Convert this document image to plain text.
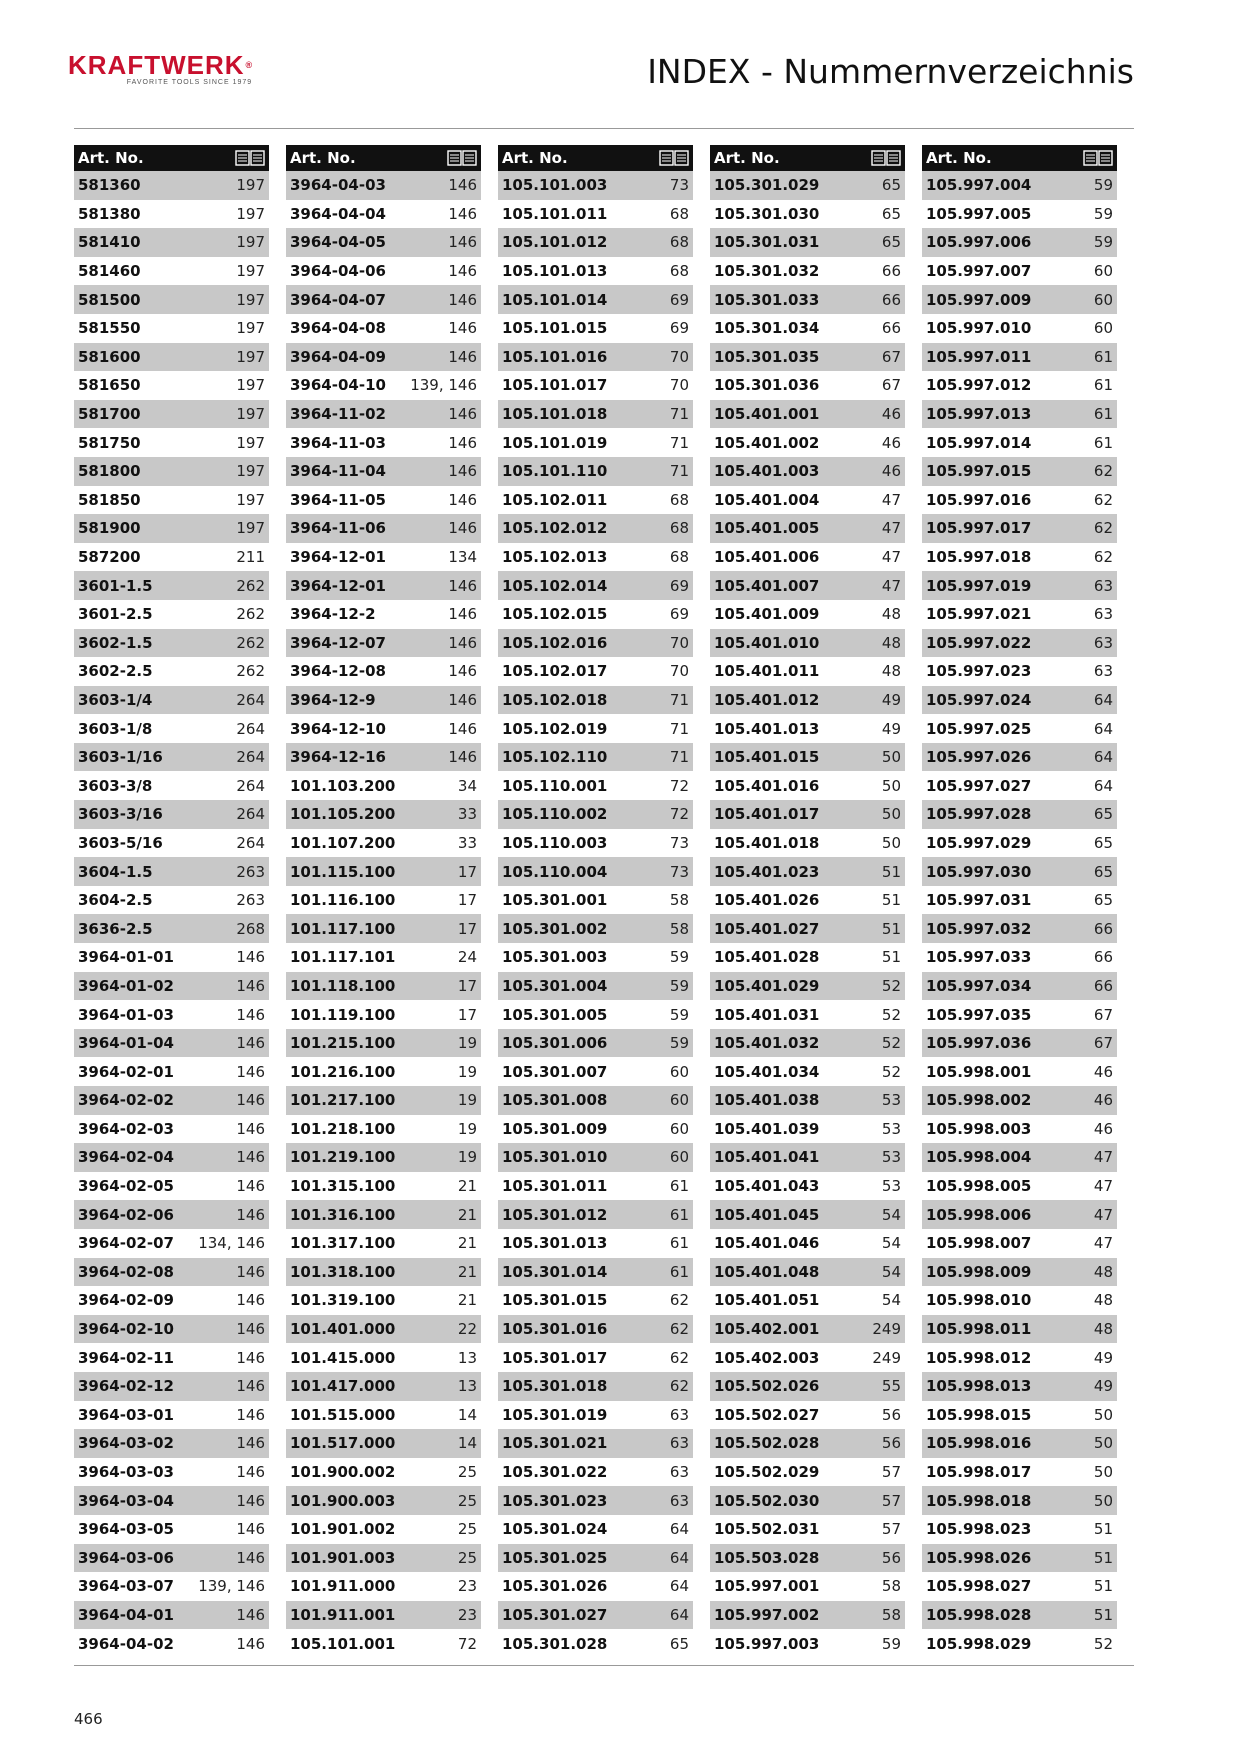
KRAFTWERK®
FAVORITE TOOLS SINCE 1979	INDEX - Nummernverzeichnis
Art. No.
581360	197
581380	197
581410	197
581460	197
581500	197
581550	197
581600	197
581650	197
581700	197
581750	197
581800	197
581850	197
581900	197
587200	211
3601-1.5	262
3601-2.5	262
3602-1.5	262
3602-2.5	262
3603-1/4	264
3603-1/8	264
3603-1/16	264
3603-3/8	264
3603-3/16	264
3603-5/16	264
3604-1.5	263
3604-2.5	263
3636-2.5	268
3964-01-01	146
3964-01-02	146
3964-01-03	146
3964-01-04	146
3964-02-01	146
3964-02-02	146
3964-02-03	146
3964-02-04	146
3964-02-05	146
3964-02-06	146
3964-02-07 134, 146
3964-02-08	146
3964-02-09	146
3964-02-10	146
3964-02-11	146
3964-02-12	146
3964-03-01	146
3964-03-02	146
3964-03-03	146
3964-03-04	146
3964-03-05	146
3964-03-06	146
3964-03-07 139, 146
3964-04-01	146
3964-04-02	146
Art. No.
3964-04-03	146
3964-04-04	146
3964-04-05	146
3964-04-06	146
3964-04-07	146
3964-04-08	146
3964-04-09	146
3964-04-10 139, 146
3964-11-02	146
3964-11-03	146
3964-11-04	146
3964-11-05	146
3964-11-06	146
3964-12-01	134
3964-12-01	146
3964-12-2	146
3964-12-07	146
3964-12-08	146
3964-12-9	146
3964-12-10	146
3964-12-16	146
101.103.200	34
101.105.200	33
101.107.200	33
101.115.100	17
101.116.100	17
101.117.100	17
101.117.101	24
101.118.100	17
101.119.100	17
101.215.100	19
101.216.100	19
101.217.100	19
101.218.100	19
101.219.100	19
101.315.100	21
101.316.100	21
101.317.100	21
101.318.100	21
101.319.100	21
101.401.000	22
101.415.000	13
101.417.000	13
101.515.000	14
101.517.000	14
101.900.002	25
101.900.003	25
101.901.002	25
101.901.003	25
101.911.000	23
101.911.001	23
105.101.001	72
Art. No.
105.101.003	73
105.101.011	68
105.101.012	68
105.101.013	68
105.101.014	69
105.101.015	69
105.101.016	70
105.101.017	70
105.101.018	71
105.101.019	71
105.101.110	71
105.102.011	68
105.102.012	68
105.102.013	68
105.102.014	69
105.102.015	69
105.102.016	70
105.102.017	70
105.102.018	71
105.102.019	71
105.102.110	71
105.110.001	72
105.110.002	72
105.110.003	73
105.110.004	73
105.301.001	58
105.301.002	58
105.301.003	59
105.301.004	59
105.301.005	59
105.301.006	59
105.301.007	60
105.301.008	60
105.301.009	60
105.301.010	60
105.301.011	61
105.301.012	61
105.301.013	61
105.301.014	61
105.301.015	62
105.301.016	62
105.301.017	62
105.301.018	62
105.301.019	63
105.301.021	63
105.301.022	63
105.301.023	63
105.301.024	64
105.301.025	64
105.301.026	64
105.301.027	64
105.301.028	65
Art. No.
105.301.029	65
105.301.030	65
105.301.031	65
105.301.032	66
105.301.033	66
105.301.034	66
105.301.035	67
105.301.036	67
105.401.001	46
105.401.002	46
105.401.003	46
105.401.004	47
105.401.005	47
105.401.006	47
105.401.007	47
105.401.009	48
105.401.010	48
105.401.011	48
105.401.012	49
105.401.013	49
105.401.015	50
105.401.016	50
105.401.017	50
105.401.018	50
105.401.023	51
105.401.026	51
105.401.027	51
105.401.028	51
105.401.029	52
105.401.031	52
105.401.032	52
105.401.034	52
105.401.038	53
105.401.039	53
105.401.041	53
105.401.043	53
105.401.045	54
105.401.046	54
105.401.048	54
105.401.051	54
105.402.001	249
105.402.003	249
105.502.026	55
105.502.027	56
105.502.028	56
105.502.029	57
105.502.030	57
105.502.031	57
105.503.028	56
105.997.001	58
105.997.002	58
105.997.003	59
Art. No.
105.997.004	59
105.997.005	59
105.997.006	59
105.997.007	60
105.997.009	60
105.997.010	60
105.997.011	61
105.997.012	61
105.997.013	61
105.997.014	61
105.997.015	62
105.997.016	62
105.997.017	62
105.997.018	62
105.997.019	63
105.997.021	63
105.997.022	63
105.997.023	63
105.997.024	64
105.997.025	64
105.997.026	64
105.997.027	64
105.997.028	65
105.997.029	65
105.997.030	65
105.997.031	65
105.997.032	66
105.997.033	66
105.997.034	66
105.997.035	67
105.997.036	67
105.998.001	46
105.998.002	46
105.998.003	46
105.998.004	47
105.998.005	47
105.998.006	47
105.998.007	47
105.998.009	48
105.998.010	48
105.998.011	48
105.998.012	49
105.998.013	49
105.998.015	50
105.998.016	50
105.998.017	50
105.998.018	50
105.998.023	51
105.998.026	51
105.998.027	51
105.998.028	51
105.998.029	52
466
